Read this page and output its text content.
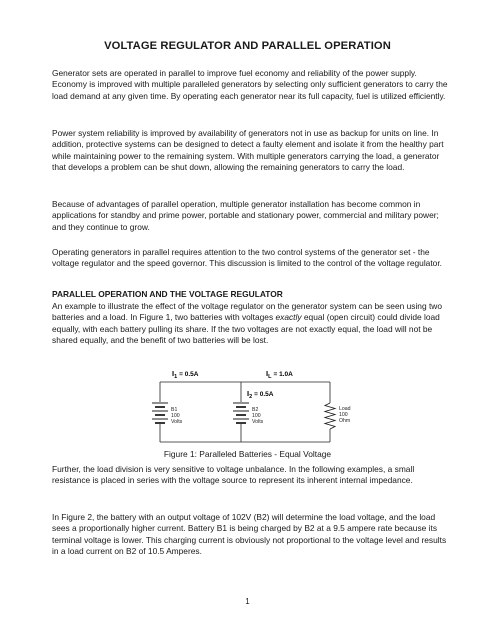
VOLTAGE REGULATOR AND PARALLEL OPERATION

Generator sets are operated in parallel to improve fuel economy and reliability of the power supply. Economy is improved with multiple paralleled generators by selecting only sufficient generators to carry the load demand at any given time. By operating each generator near its full capacity, fuel is utilized efficiently.

Power system reliability is improved by availability of generators not in use as backup for units on line. In addition, protective systems can be designed to detect a faulty element and isolate it from the healthy part while maintaining power to the remaining system. With multiple generators carrying the load, a generator that develops a problem can be shut down, allowing the remaining generators to carry the load.

Because of advantages of parallel operation, multiple generator installation has become common in applications for standby and prime power, portable and stationary power, commercial and military power; and they continue to grow.

Operating generators in parallel requires attention to the two control systems of the generator set - the voltage regulator and the speed governor. This discussion is limited to the control of the voltage regulator.

PARALLEL OPERATION AND THE VOLTAGE REGULATOR

An example to illustrate the effect of the voltage regulator on the generator system can be seen using two batteries and a load. In Figure 1, two batteries with voltages exactly equal (open circuit) could divide load equally, with each battery pulling its share. If the two voltages are not exactly equal, the load will not be shared equally, and the benefit of two batteries will be lost.

$I_1 = 0.5A$	$I_L = 1.0A$
$I_2 = 0.5A$
B1
100
Volts
B2
100
Volts
Load
100
Ohm
Figure 1: Paralleled Batteries - Equal Voltage

Further, the load division is very sensitive to voltage unbalance. In the following examples, a small resistance is placed in series with the voltage source to represent its inherent internal impedance.

In Figure 2, the battery with an output voltage of 102V (B2) will determine the load voltage, and the load sees a proportionally higher current. Battery B1 is being charged by B2 at a 9.5 ampere rate because its terminal voltage is lower. This charging current is obviously not proportional to the voltage level and results in a load current on B2 of 10.5 Amperes.

1
